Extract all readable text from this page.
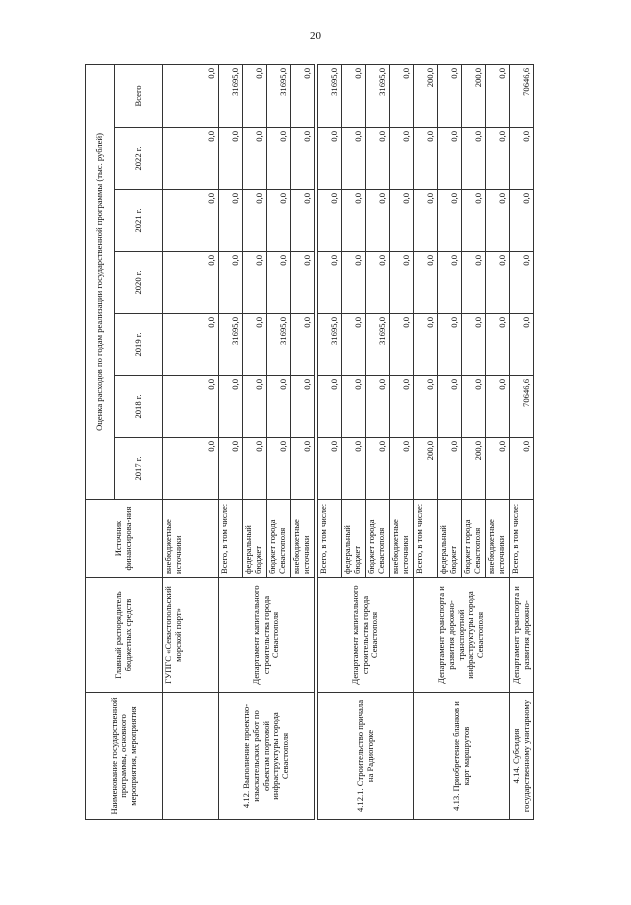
20
Наименование государственной программы, основного мероприятия, мероприятия	Главный распорядитель бюджетных средств	Источник финансирова-ния	Оценка расходов по годам реализации государственной программы (тыс. рублей)						
			2017 г.	2018 г.	2019 г.	2020 г.	2021 г.	2022 г.	Всего
	ГУПГС «Севастопольский морской порт»	внебюджетные источники	0,0	0,0	0,0	0,0	0,0	0,0	0,0
4.12. Выполнение проектно-изыскательских работ по объектам портовой инфраструктуры города Севастополя	Департамент капитального строительства города Севастополя	Всего, в том числе:	0,0	0,0	31695,0	0,0	0,0	0,0	31695,0
		федеральный бюджет	0,0	0,0	0,0	0,0	0,0	0,0	0,0
		бюджет города Севастополя	0,0	0,0	31695,0	0,0	0,0	0,0	31695,0
		внебюджетные источники	0,0	0,0	0,0	0,0	0,0	0,0	0,0

4.12.1. Строительство причала на Радиогорке	Департамент капитального строительства города Севастополя	Всего, в том числе:	0,0	0,0	31695,0	0,0	0,0	0,0	31695,0
		федеральный бюджет	0,0	0,0	0,0	0,0	0,0	0,0	0,0
		бюджет города Севастополя	0,0	0,0	31695,0	0,0	0,0	0,0	31695,0
		внебюджетные источники	0,0	0,0	0,0	0,0	0,0	0,0	0,0
4.13. Приобретение бланков и карт маршрутов	Департамент транспорта и развития дорожно-транспортной инфраструктуры города Севастополя	Всего, в том числе:	200,0	0,0	0,0	0,0	0,0	0,0	200,0
		федеральный бюджет	0,0	0,0	0,0	0,0	0,0	0,0	0,0
		бюджет города Севастополя	200,0	0,0	0,0	0,0	0,0	0,0	200,0
		внебюджетные источники	0,0	0,0	0,0	0,0	0,0	0,0	0,0
4.14. Субсидия государственному унитарному	Департамент транспорта и развития дорожно-	Всего, в том числе:	0,0	70646,6	0,0	0,0	0,0	0,0	70646,6
